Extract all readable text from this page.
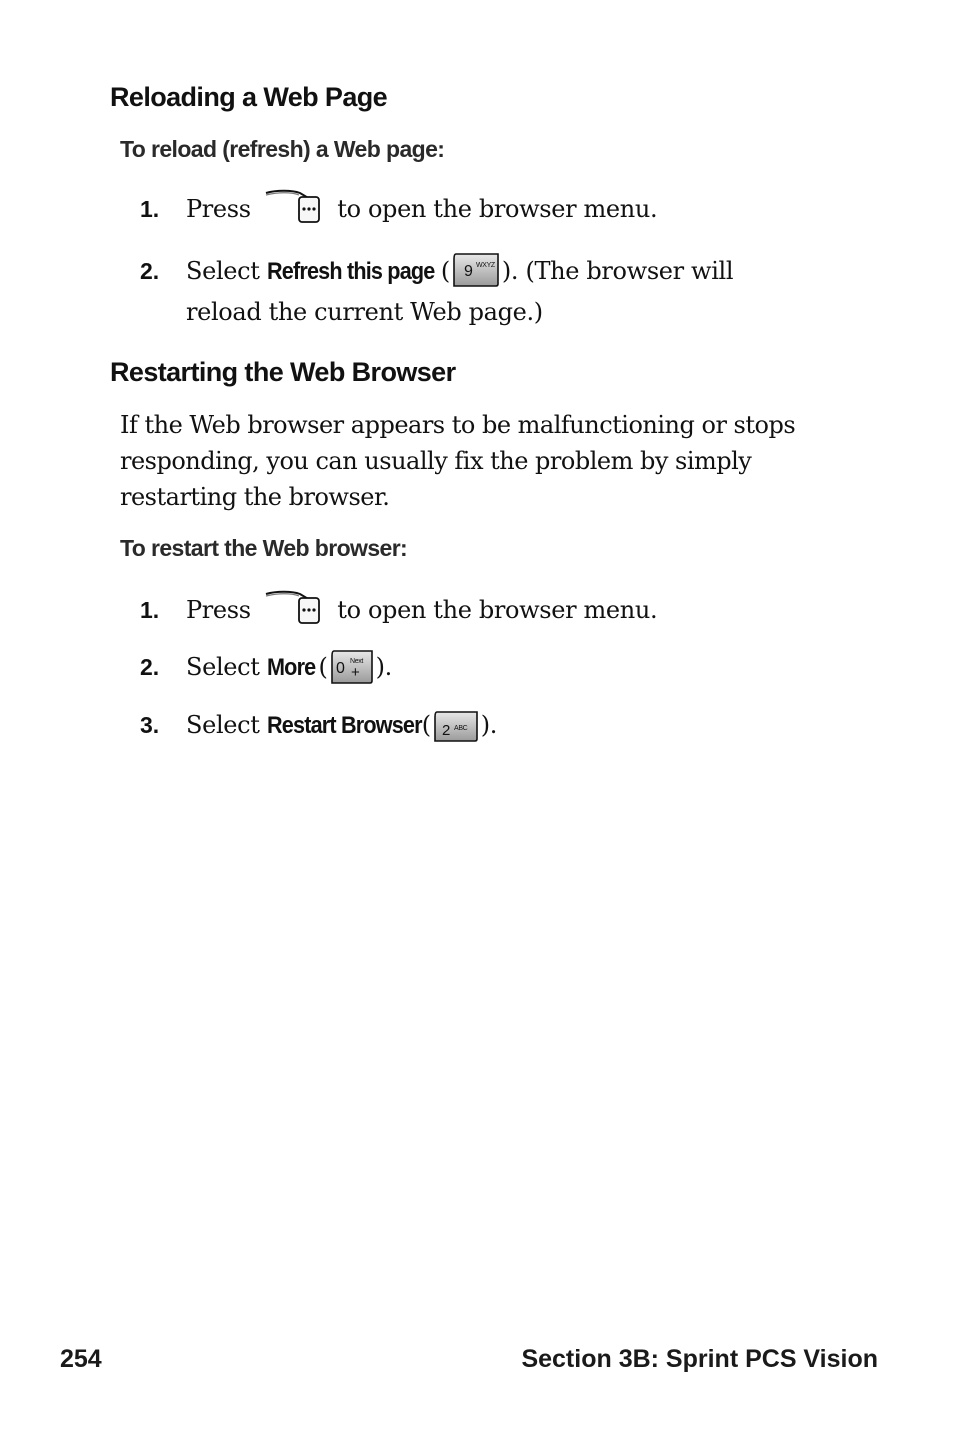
Reloading a Web Page
To reload (refresh) a Web page:
1. Press	to open the browser menu.
2. Select Refresh this page ( 9 WXYZ ). (The browser will
reload the current Web page.)
Restarting the Web Browser
If the Web browser appears to be malfunctioning or stops
responding, you can usually fix the problem by simply
restarting the browser.
To restart the Web browser:
1. Press	to open the browser menu.
2. Select More ( 0 Next
+ ).
3. Select Restart Browser( 2 ABC ).
254	Section 3B: Sprint PCS Vision
